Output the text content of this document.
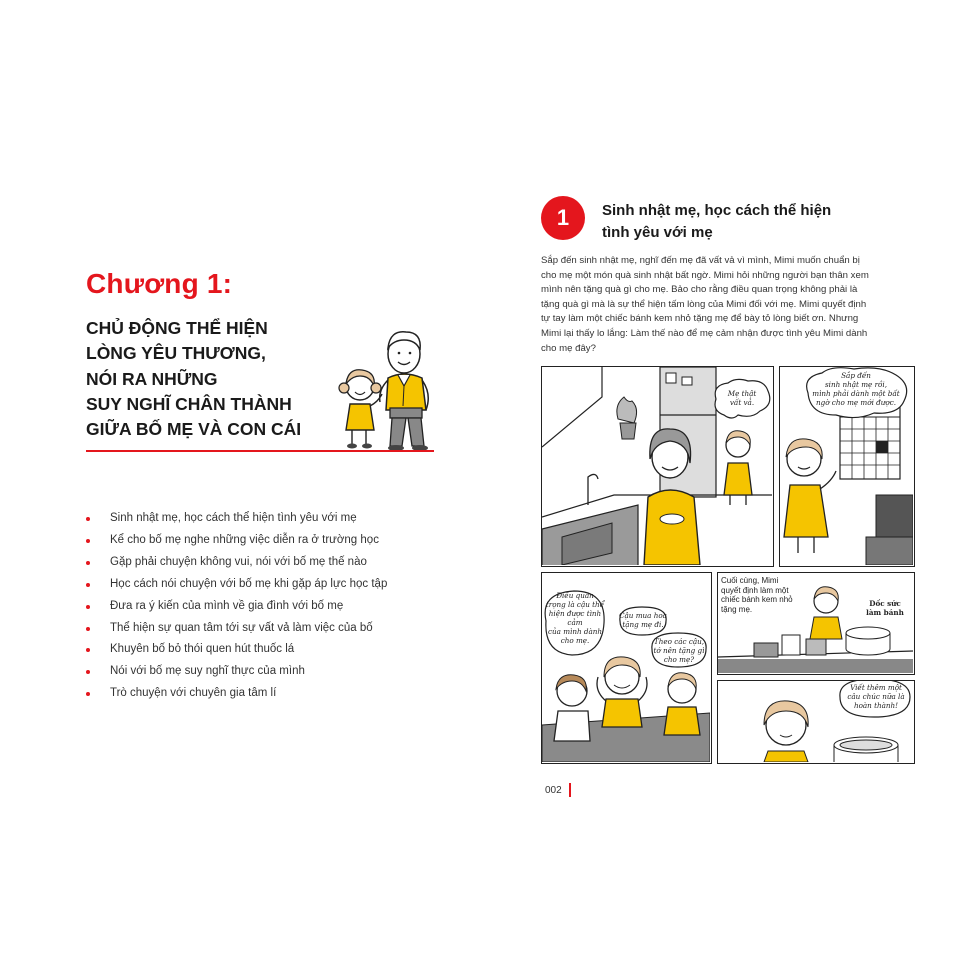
Chương 1:
CHỦ ĐỘNG THỂ HIỆN
LÒNG YÊU THƯƠNG,
NÓI RA NHỮNG
SUY NGHĨ CHÂN THÀNH
GIỮA BỐ MẸ VÀ CON CÁI
Sinh nhật mẹ, học cách thể hiện tình yêu với mẹ
Kể cho bố mẹ nghe những việc diễn ra ở trường học
Gặp phải chuyện không vui, nói với bố mẹ thế nào
Học cách nói chuyện với bố mẹ khi gặp áp lực học tập
Đưa ra ý kiến của mình về gia đình với bố mẹ
Thể hiện sự quan tâm tới sự vất vả làm việc của bố
Khuyên bố bỏ thói quen hút thuốc lá
Nói với bố mẹ suy nghĩ thực của mình
Trò chuyện với chuyên gia tâm lí
1	Sinh nhật mẹ, học cách thể hiện
tình yêu với mẹ

Sắp đến sinh nhật mẹ, nghĩ đến mẹ đã vất vả vì mình, Mimi muốn chuẩn bị
cho mẹ một món quà sinh nhật bất ngờ. Mimi hỏi những người bạn thân xem
mình nên tặng quà gì cho mẹ. Bảo cho rằng điều quan trọng không phải là
tặng quà gì mà là sự thể hiện tấm lòng của Mimi đối với mẹ. Mimi quyết định
tự tay làm một chiếc bánh kem nhỏ tặng mẹ để bày tỏ lòng biết ơn. Nhưng
Mimi lại thấy lo lắng: Làm thế nào để mẹ cảm nhận được tình yêu Mimi dành
cho mẹ đây?

Mẹ thật
vất vả.
Sắp đến
sinh nhật mẹ rồi,
mình phải dành một bất
ngờ cho mẹ mới được.
Điều quan
trọng là cậu thể
hiện được tình cảm
của mình dành
cho mẹ.
Cậu mua hoa
tặng mẹ đi.
Theo các cậu,
tớ nên tặng gì
cho mẹ?
Cuối cùng, Mimi
quyết định làm một
chiếc bánh kem nhỏ
tặng mẹ.
Dốc sức
làm bánh
Viết thêm một
câu chúc nữa là
hoàn thành!
002
